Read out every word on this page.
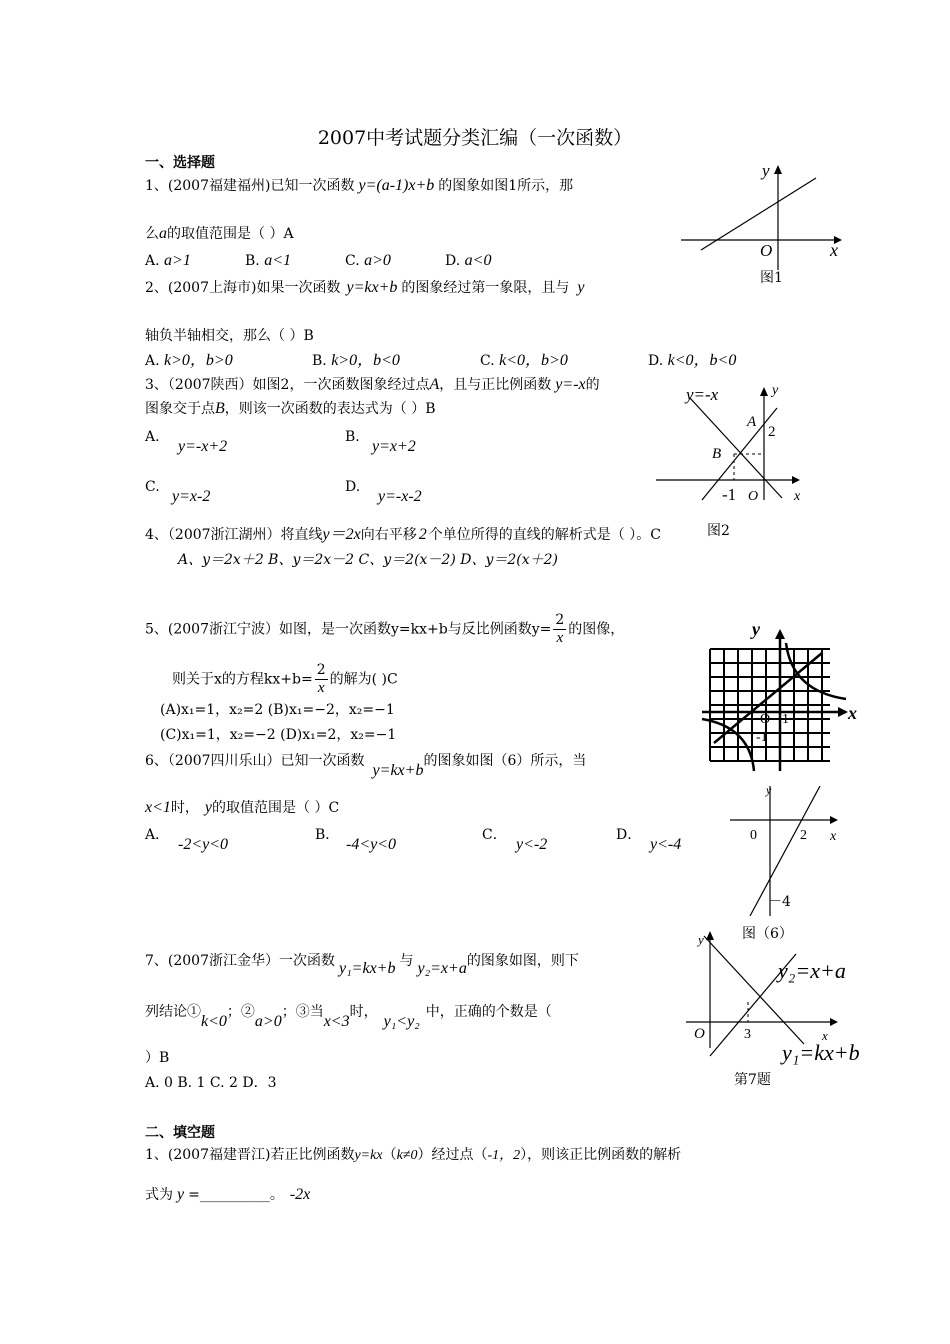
2007中考试题分类汇编（一次函数）
一、选择题
1、(2007福建福州)已知一次函数 y=(a-1)x+b 的图象如图1所示，那
么a的取值范围是（ ）A
A. a>1	B. a<1	C. a>0	D. a<0
y
x
O
图1
2、(2007上海市)如果一次函数 y=kx+b 的图象经过第一象限，且与 y
轴负半轴相交，那么（ ）B
A. k>0，b>0	B. k>0，b<0	C. k<0，b>0	D. k<0，b<0
3、（2007陕西）如图2，一次函数图象经过点A，且与正比例函数 y=-x的
图象交于点B，则该一次函数的表达式为（ ）B
A.
y=-x+2
B.
y=x+2
C.
y=x-2
D.
y=-x-2
y=-x	y
x
A
B
2
-1 O
4、（2007浙江湖州）将直线y＝2x向右平移 2 个单位所得的直线的解析式是（ ）。C	图2
A、y＝2x＋2 B、y＝2x－2 C、y＝2(x－2) D、y＝2(x＋2)
5、(2007浙江宁波）如图，是一次函数y=kx+b与反比例函数$y= \frac{2}{x}$ 的图像，
则关于x的方程$kx+b= \frac{2}{x}$ 的解为( )C
(A)x₁=1，x₂=2 (B)x₁=−2，x₂=−1
(C)x₁=1，x₂=−2 (D)x₁=2，x₂=−1
y
x
O 1
-1
6、（2007四川乐山）已知一次函数y=kx+b的图象如图（6）所示，当
x<1时， y的取值范围是（ ）C
A．
-2<y<0
B．
-4<y<0
C．
y<-2
D．
y<-4
y
0	2 x
－4
图（6）
7、(2007浙江金华）一次函数 y₁=kx+b 与 y₂=x+a的图象如图，则下
列结论①k<0；②a>0；③当x<3时，y₁<y₂中，正确的个数是（
）B
A. 0 B. 1 C. 2 D．3
y
x
O	3
y₂=x+a
y₁=kx+b
第7题
二、填空题
1、(2007福建晋江)若正比例函数y=kx（k≠0）经过点（-1，2），则该正比例函数的解析
式为 y =__________。 -2x
